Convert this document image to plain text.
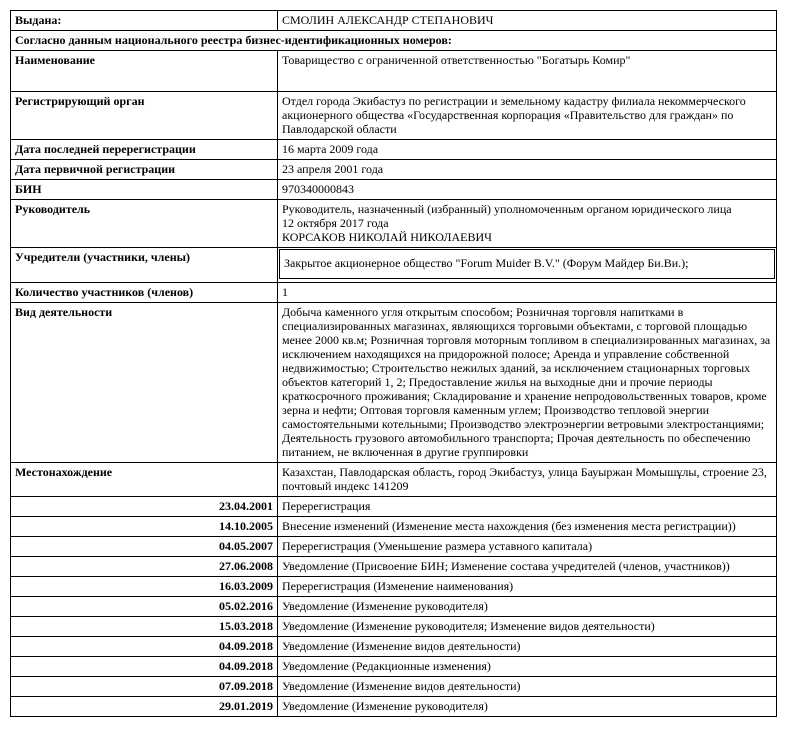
Выдана:	СМОЛИН АЛЕКСАНДР СТЕПАНОВИЧ
Согласно данным национального реестра бизнес-идентификационных номеров:	
Наименование	Товарищество с ограниченной ответственностью "Богатырь Комир"
Регистрирующий орган	Отдел города Экибастуз по регистрации и земельному кадастру филиала некоммерческого акционерного общества «Государственная корпорация «Правительство для граждан» по Павлодарской области
Дата последней перерегистрации	16 марта 2009 года
Дата первичной регистрации	23 апреля 2001 года
БИН	970340000843
Руководитель	Руководитель, назначенный (избранный) уполномоченным органом юридического лица
12 октября 2017 года
КОРСАКОВ НИКОЛАЙ НИКОЛАЕВИЧ

Учредители (участники, члены)	Закрытое акционерное общество "Forum Muider B.V." (Форум Майдер Би.Ви.);

Количество участников (членов)	1
Вид деятельности	Добыча каменного угля открытым способом; Розничная торговля напитками в специализированных магазинах, являющихся торговыми объектами, с торговой площадью менее 2000 кв.м; Розничная торговля моторным топливом в специализированных магазинах, за исключением находящихся на придорожной полосе; Аренда и управление собственной недвижимостью; Строительство нежилых зданий, за исключением стационарных торговых объектов категорий 1, 2; Предоставление жилья на выходные дни и прочие периоды краткосрочного проживания; Складирование и хранение непродовольственных товаров, кроме зерна и нефти; Оптовая торговля каменным углем; Производство тепловой энергии самостоятельными котельными; Производство электроэнергии ветровыми электростанциями; Деятельность грузового автомобильного транспорта; Прочая деятельность по обеспечению питанием, не включенная в другие группировки
Местонахождение	Казахстан, Павлодарская область, город Экибастуз, улица Бауыржан Момышұлы, строение 23, почтовый индекс 141209
23.04.2001	Перерегистрация
14.10.2005	Внесение изменений (Изменение места нахождения (без изменения места регистрации))
04.05.2007	Перерегистрация (Уменьшение размера уставного капитала)
27.06.2008	Уведомление (Присвоение БИН; Изменение состава учредителей (членов, участников))
16.03.2009	Перерегистрация (Изменение наименования)
05.02.2016	Уведомление (Изменение руководителя)
15.03.2018	Уведомление (Изменение руководителя; Изменение видов деятельности)
04.09.2018	Уведомление (Изменение видов деятельности)
04.09.2018	Уведомление (Редакционные изменения)
07.09.2018	Уведомление (Изменение видов деятельности)
29.01.2019	Уведомление (Изменение руководителя)
